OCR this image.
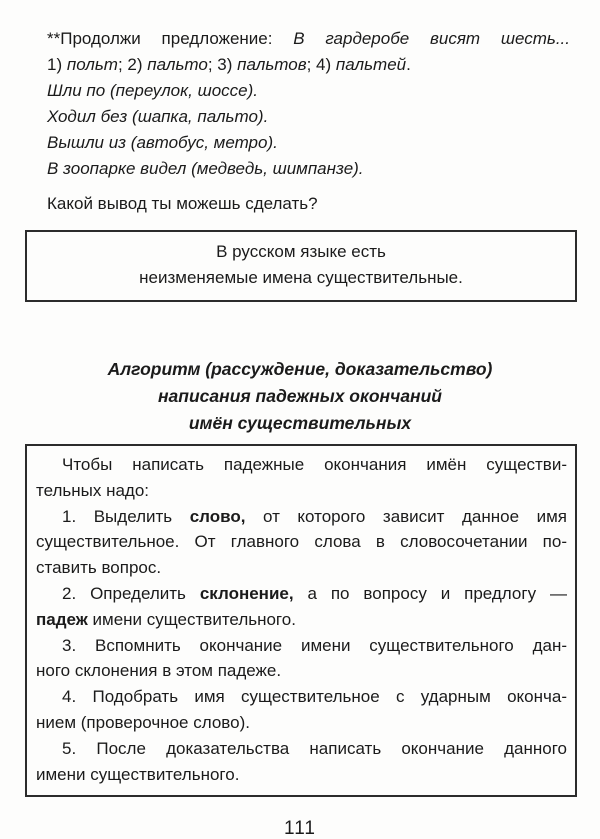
**Продолжи предложение: В гардеробе висят шесть...

1) польт; 2) пальто; 3) пальтов; 4) пальтей.

Шли по (переулок, шоссе).

Ходил без (шапка, пальто).

Вышли из (автобус, метро).

В зоопарке видел (медведь, шимпанзе).

Какой вывод ты можешь сделать?

В русском языке есть

неизменяемые имена существительные.

Алгоритм (рассуждение, доказательство)

написания падежных окончаний

имён существительных

Чтобы написать падежные окончания имён существи-

тельных надо:

1. Выделить слово, от которого зависит данное имя

существительное. От главного слова в словосочетании по-

ставить вопрос.

2. Определить склонение, а по вопросу и предлогу —

падеж имени существительного.

3. Вспомнить окончание имени существительного дан-

ного склонения в этом падеже.

4. Подобрать имя существительное с ударным оконча-

нием (проверочное слово).

5. После доказательства написать окончание данного

имени существительного.

111
